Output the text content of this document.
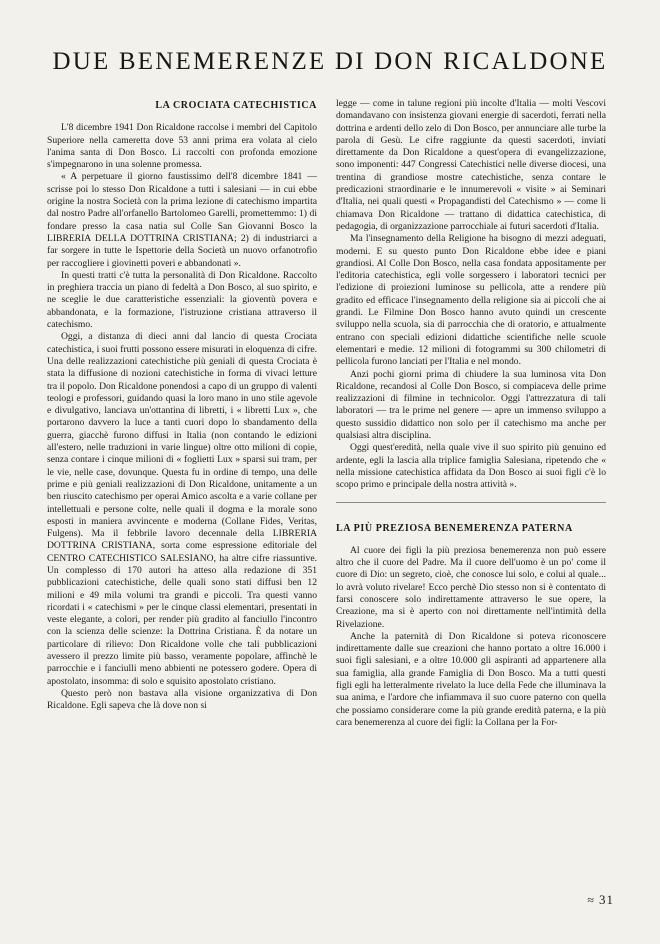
DUE BENEMERENZE DI DON RICALDONE
LA CROCIATA CATECHISTICA

L'8 dicembre 1941 Don Ricaldone raccolse i membri del Capitolo Superiore nella cameretta dove 53 anni prima era volata al cielo l'anima santa di Don Bosco. Li raccolti con profonda emozione s'impegnarono in una solenne promessa.

« A perpetuare il giorno faustissimo dell'8 dicembre 1841 — scrisse poi lo stesso Don Ricaldone a tutti i salesiani — in cui ebbe origine la nostra Società con la prima lezione di catechismo impartita dal nostro Padre all'orfanello Bartolomeo Garelli, promettemmo: 1) di fondare presso la casa natia sul Colle San Giovanni Bosco la LIBRERIA DELLA DOTTRINA CRISTIANA; 2) di industriarci a far sorgere in tutte le Ispettorie della Società un nuovo orfanotrofio per raccogliere i giovinetti poveri e abbandonati ».

In questi tratti c'è tutta la personalità di Don Ricaldone. Raccolto in preghiera traccia un piano di fedeltà a Don Bosco, al suo spirito, e ne sceglie le due caratteristiche essenziali: la gioventù povera e abbandonata, e la formazione, l'istruzione cristiana attraverso il catechismo.

Oggi, a distanza di dieci anni dal lancio di questa Crociata catechistica, i suoi frutti possono essere misurati in eloquenza di cifre. Una delle realizzazioni catechistiche più geniali di questa Crociata è stata la diffusione di nozioni catechistiche in forma di vivaci letture tra il popolo. Don Ricaldone ponendosi a capo di un gruppo di valenti teologi e professori, guidando quasi la loro mano in uno stile agevole e divulgativo, lanciava un'ottantina di libretti, i « libretti Lux », che portarono davvero la luce a tanti cuori dopo lo sbandamento della guerra, giacchè furono diffusi in Italia (non contando le edizioni all'estero, nelle traduzioni in varie lingue) oltre otto milioni di copie, senza contare i cinque milioni di « foglietti Lux » sparsi sui tram, per le vie, nelle case, dovunque. Questa fu in ordine di tempo, una delle prime e più geniali realizzazioni di Don Ricaldone, unitamente a un ben riuscito catechismo per operai Amico ascolta e a varie collane per intellettuali e persone colte, nelle quali il dogma e la morale sono esposti in maniera avvincente e moderna (Collane Fides, Veritas, Fulgens). Ma il febbrile lavoro decennale della LIBRERIA DOTTRINA CRISTIANA, sorta come espressione editoriale del CENTRO CATECHISTICO SALESIANO, ha altre cifre riassuntive. Un complesso di 170 autori ha atteso alla redazione di 351 pubblicazioni catechistiche, delle quali sono stati diffusi ben 12 milioni e 49 mila volumi tra grandi e piccoli. Tra questi vanno ricordati i « catechismi » per le cinque classi elementari, presentati in veste elegante, a colori, per render più gradito al fanciullo l'incontro con la scienza delle scienze: la Dottrina Cristiana. È da notare un particolare di rilievo: Don Ricaldone volle che tali pubblicazioni avessero il prezzo limite più basso, veramente popolare, affinchè le parrocchie e i fanciulli meno abbienti ne potessero godere. Opera di apostolato, insomma: di solo e squisito apostolato cristiano.

Questo però non bastava alla visione organizzativa di Don Ricaldone. Egli sapeva che là dove non si

legge — come in talune regioni più incolte d'Italia — molti Vescovi domandavano con insistenza giovani energie di sacerdoti, ferrati nella dottrina e ardenti dello zelo di Don Bosco, per annunciare alle turbe la parola di Gesù. Le cifre raggiunte da questi sacerdoti, inviati direttamente da Don Ricaldone a quest'opera di evangelizzazione, sono imponenti: 447 Congressi Catechistici nelle diverse diocesi, una trentina di grandiose mostre catechistiche, senza contare le predicazioni straordinarie e le innumerevoli « visite » ai Seminari d'Italia, nei quali questi « Propagandisti del Catechismo » — come li chiamava Don Ricaldone — trattano di didattica catechistica, di pedagogia, di organizzazione parrocchiale ai futuri sacerdoti d'Italia.

Ma l'insegnamento della Religione ha bisogno di mezzi adeguati, moderni. E su questo punto Don Ricaldone ebbe idee e piani grandiosi. Al Colle Don Bosco, nella casa fondata appositamente per l'editoria catechistica, egli volle sorgessero i laboratori tecnici per l'edizione di proiezioni luminose su pellicola, atte a rendere più gradito ed efficace l'insegnamento della religione sia ai piccoli che ai grandi. Le Filmine Don Bosco hanno avuto quindi un crescente sviluppo nella scuola, sia di parrocchia che di oratorio, e attualmente entrano con speciali edizioni didattiche scientifiche nelle scuole elementari e medie. 12 milioni di fotogrammi su 300 chilometri di pellicola furono lanciati per l'Italia e nel mondo.

Anzi pochi giorni prima di chiudere la sua luminosa vita Don Ricaldone, recandosi al Colle Don Bosco, si compiaceva delle prime realizzazioni di filmine in technicolor. Oggi l'attrezzatura di tali laboratori — tra le prime nel genere — apre un immenso sviluppo a questo sussidio didattico non solo per il catechismo ma anche per qualsiasi altra disciplina.

Oggi quest'eredità, nella quale vive il suo spirito più genuino ed ardente, egli la lascia alla triplice famiglia Salesiana, ripetendo che « nella missione catechistica affidata da Don Bosco ai suoi figli c'è lo scopo primo e principale della nostra attività ».

LA PIÙ PREZIOSA BENEMERENZA PATERNA

Al cuore dei figli la più preziosa benemerenza non può essere altro che il cuore del Padre. Ma il cuore dell'uomo è un po' come il cuore di Dio: un segreto, cioè, che conosce lui solo, e colui al quale... lo avrà voluto rivelare! Ecco perchè Dio stesso non si è contentato di farsi conoscere solo indirettamente attraverso le sue opere, la Creazione, ma si è aperto con noi direttamente nell'intimità della Rivelazione.

Anche la paternità di Don Ricaldone si poteva riconoscere indirettamente dalle sue creazioni che hanno portato a oltre 16.000 i suoi figli salesiani, e a oltre 10.000 gli aspiranti ad appartenere alla sua famiglia, alla grande Famiglia di Don Bosco. Ma a tutti questi figli egli ha letteralmente rivelato la luce della Fede che illuminava la sua anima, e l'ardore che infiammava il suo cuore paterno con quella che possiamo considerare come la più grande eredità paterna, e la più cara benemerenza al cuore dei figli: la Collana per la For-

≈ 31
